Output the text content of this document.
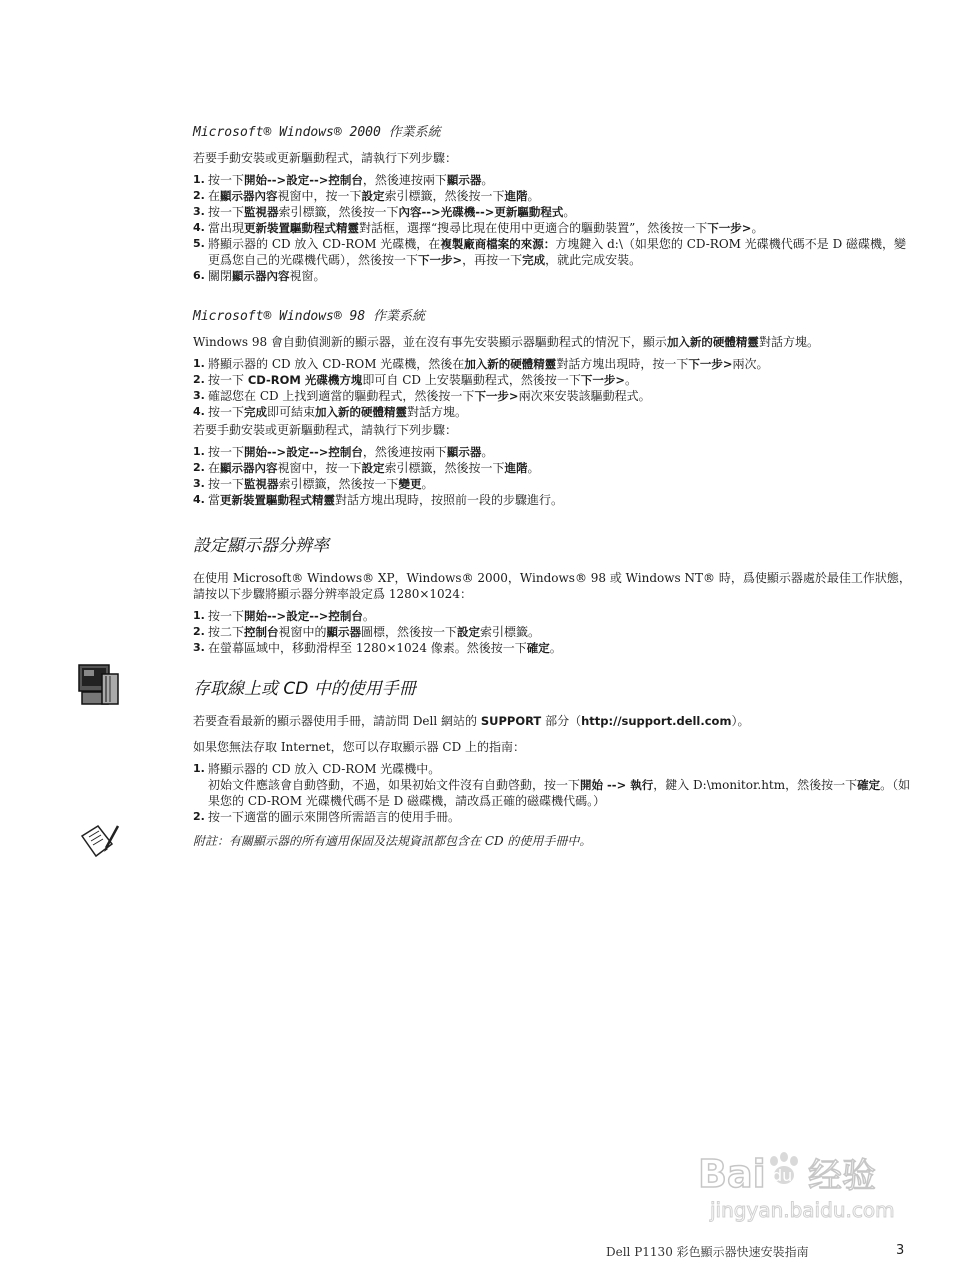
Microsoft® Windows® 2000 作業系統

若要手動安裝或更新驅動程式，請執行下列步驟：

1. 按一下開始-->設定-->控制台，然後連按兩下顯示器。
2. 在顯示器內容視窗中，按一下設定索引標籤，然後按一下進階。
3. 按一下監視器索引標籤，然後按一下內容-->光碟機-->更新驅動程式。
4. 當出現更新裝置驅動程式精靈對話框，選擇“搜尋比現在使用中更適合的驅動裝置”，然後按一下下一步>。
5. 將顯示器的 CD 放入 CD-ROM 光碟機，在複製廠商檔案的來源：方塊鍵入 d:\（如果您的 CD-ROM 光碟機代碼不是 D 磁碟機，變更爲您自己的光碟機代碼），然後按一下下一步>，再按一下完成，就此完成安裝。
6. 關閉顯示器內容視窗。
Microsoft® Windows® 98 作業系統

Windows 98 會自動偵測新的顯示器，並在沒有事先安裝顯示器驅動程式的情況下，顯示加入新的硬體精靈對話方塊。

1. 將顯示器的 CD 放入 CD-ROM 光碟機，然後在加入新的硬體精靈對話方塊出現時，按一下下一步>兩次。
2. 按一下 CD-ROM 光碟機方塊即可自 CD 上安裝驅動程式，然後按一下下一步>。
3. 確認您在 CD 上找到適當的驅動程式，然後按一下下一步>兩次來安裝該驅動程式。
4. 按一下完成即可結束加入新的硬體精靈對話方塊。

若要手動安裝或更新驅動程式，請執行下列步驟：

1. 按一下開始-->設定-->控制台，然後連按兩下顯示器。
2. 在顯示器內容視窗中，按一下設定索引標籤，然後按一下進階。
3. 按一下監視器索引標籤，然後按一下變更。
4. 當更新裝置驅動程式精靈對話方塊出現時，按照前一段的步驟進行。
設定顯示器分辨率

在使用 Microsoft® Windows® XP，Windows® 2000，Windows® 98 或 Windows NT® 時，爲使顯示器處於最佳工作狀態，請按以下步驟將顯示器分辨率設定爲 1280×1024：

1. 按一下開始-->設定-->控制台。
2. 按二下控制台視窗中的顯示器圖標，然後按一下設定索引標籤。
3. 在螢幕區域中，移動滑桿至 1280×1024 像素。然後按一下確定。
存取線上或 CD 中的使用手冊

若要查看最新的顯示器使用手冊，請訪問 Dell 網站的 SUPPORT 部分（http://support.dell.com）。

如果您無法存取 Internet，您可以存取顯示器 CD 上的指南：

1. 將顯示器的 CD 放入 CD-ROM 光碟機中。
初始文件應該會自動啓動，不過，如果初始文件沒有自動啓動，按一下開始 --> 執行，鍵入 D:\monitor.htm，然後按一下確定。（如果您的 CD-ROM 光碟機代碼不是 D 磁碟機，請改爲正確的磁碟機代碼。）
2. 按一下適當的圖示來開啓所需語言的使用手冊。

附註：有關顯示器的所有適用保固及法規資訊都包含在 CD 的使用手冊中。

Bai du 经验
jingyan.baidu.com
Dell P1130 彩色顯示器快速安裝指南	3
